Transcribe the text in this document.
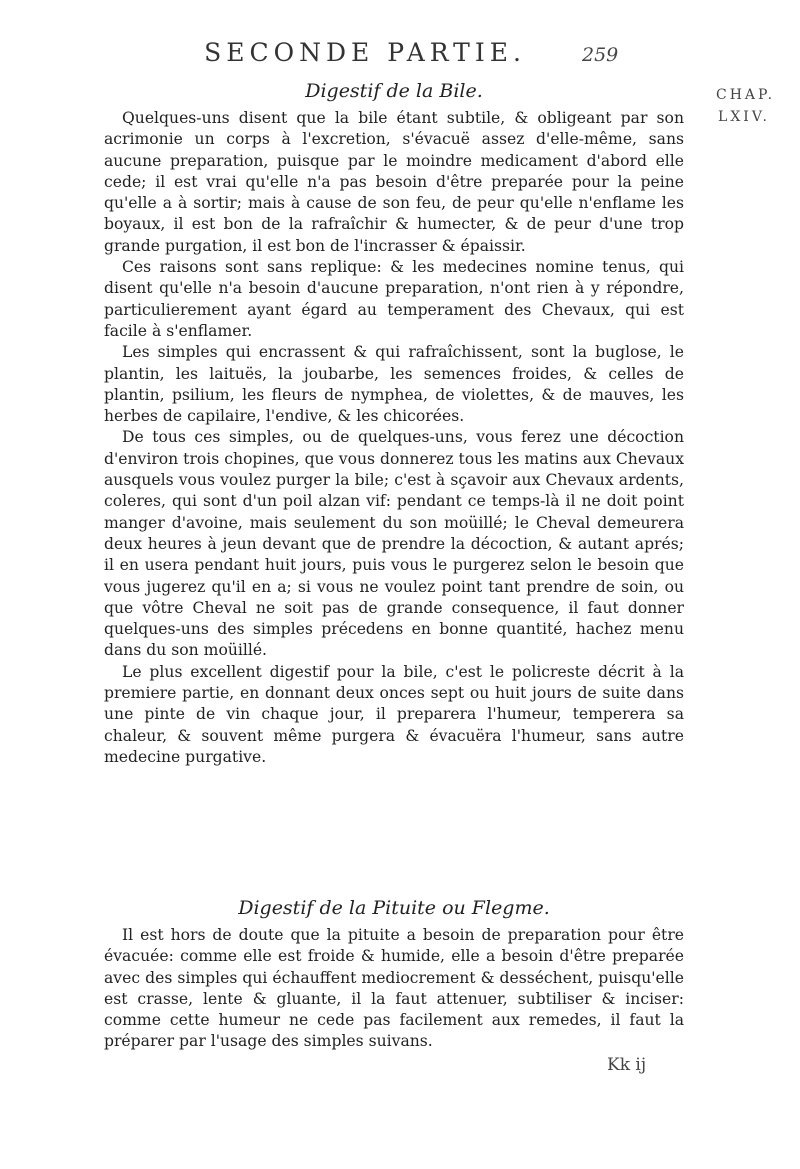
SECONDE PARTIE.	259
CHAP.
LXIV.
Digestif de la Bile.

Quelques-uns disent que la bile étant subtile, & obligeant par son acrimonie un corps à l'excretion, s'évacuë assez d'elle-même, sans aucune preparation, puisque par le moindre medicament d'abord elle cede; il est vrai qu'elle n'a pas besoin d'être preparée pour la peine qu'elle a à sortir; mais à cause de son feu, de peur qu'elle n'enflame les boyaux, il est bon de la rafraîchir & humecter, & de peur d'une trop grande purgation, il est bon de l'incrasser & épaissir.

Ces raisons sont sans replique: & les medecines nomine tenus, qui disent qu'elle n'a besoin d'aucune preparation, n'ont rien à y répondre, particulierement ayant égard au temperament des Chevaux, qui est facile à s'enflamer.

Les simples qui encrassent & qui rafraîchissent, sont la buglose, le plantin, les laituës, la joubarbe, les semences froides, & celles de plantin, psilium, les fleurs de nymphea, de violettes, & de mauves, les herbes de capilaire, l'endive, & les chicorées.

De tous ces simples, ou de quelques-uns, vous ferez une décoction d'environ trois chopines, que vous donnerez tous les matins aux Chevaux ausquels vous voulez purger la bile; c'est à sçavoir aux Chevaux ardents, coleres, qui sont d'un poil alzan vif: pendant ce temps-là il ne doit point manger d'avoine, mais seulement du son moüillé; le Cheval demeurera deux heures à jeun devant que de prendre la décoction, & autant aprés; il en usera pendant huit jours, puis vous le purgerez selon le besoin que vous jugerez qu'il en a; si vous ne voulez point tant prendre de soin, ou que vôtre Cheval ne soit pas de grande consequence, il faut donner quelques-uns des simples précedens en bonne quantité, hachez menu dans du son moüillé.

Le plus excellent digestif pour la bile, c'est le policreste décrit à la premiere partie, en donnant deux onces sept ou huit jours de suite dans une pinte de vin chaque jour, il preparera l'humeur, temperera sa chaleur, & souvent même purgera & évacuëra l'humeur, sans autre medecine purgative.

Digestif de la Pituite ou Flegme.

Il est hors de doute que la pituite a besoin de preparation pour être évacuée: comme elle est froide & humide, elle a besoin d'être preparée avec des simples qui échauffent mediocrement & desséchent, puisqu'elle est crasse, lente & gluante, il la faut attenuer, subtiliser & inciser: comme cette humeur ne cede pas facilement aux remedes, il faut la préparer par l'usage des simples suivans.

Kk ij
